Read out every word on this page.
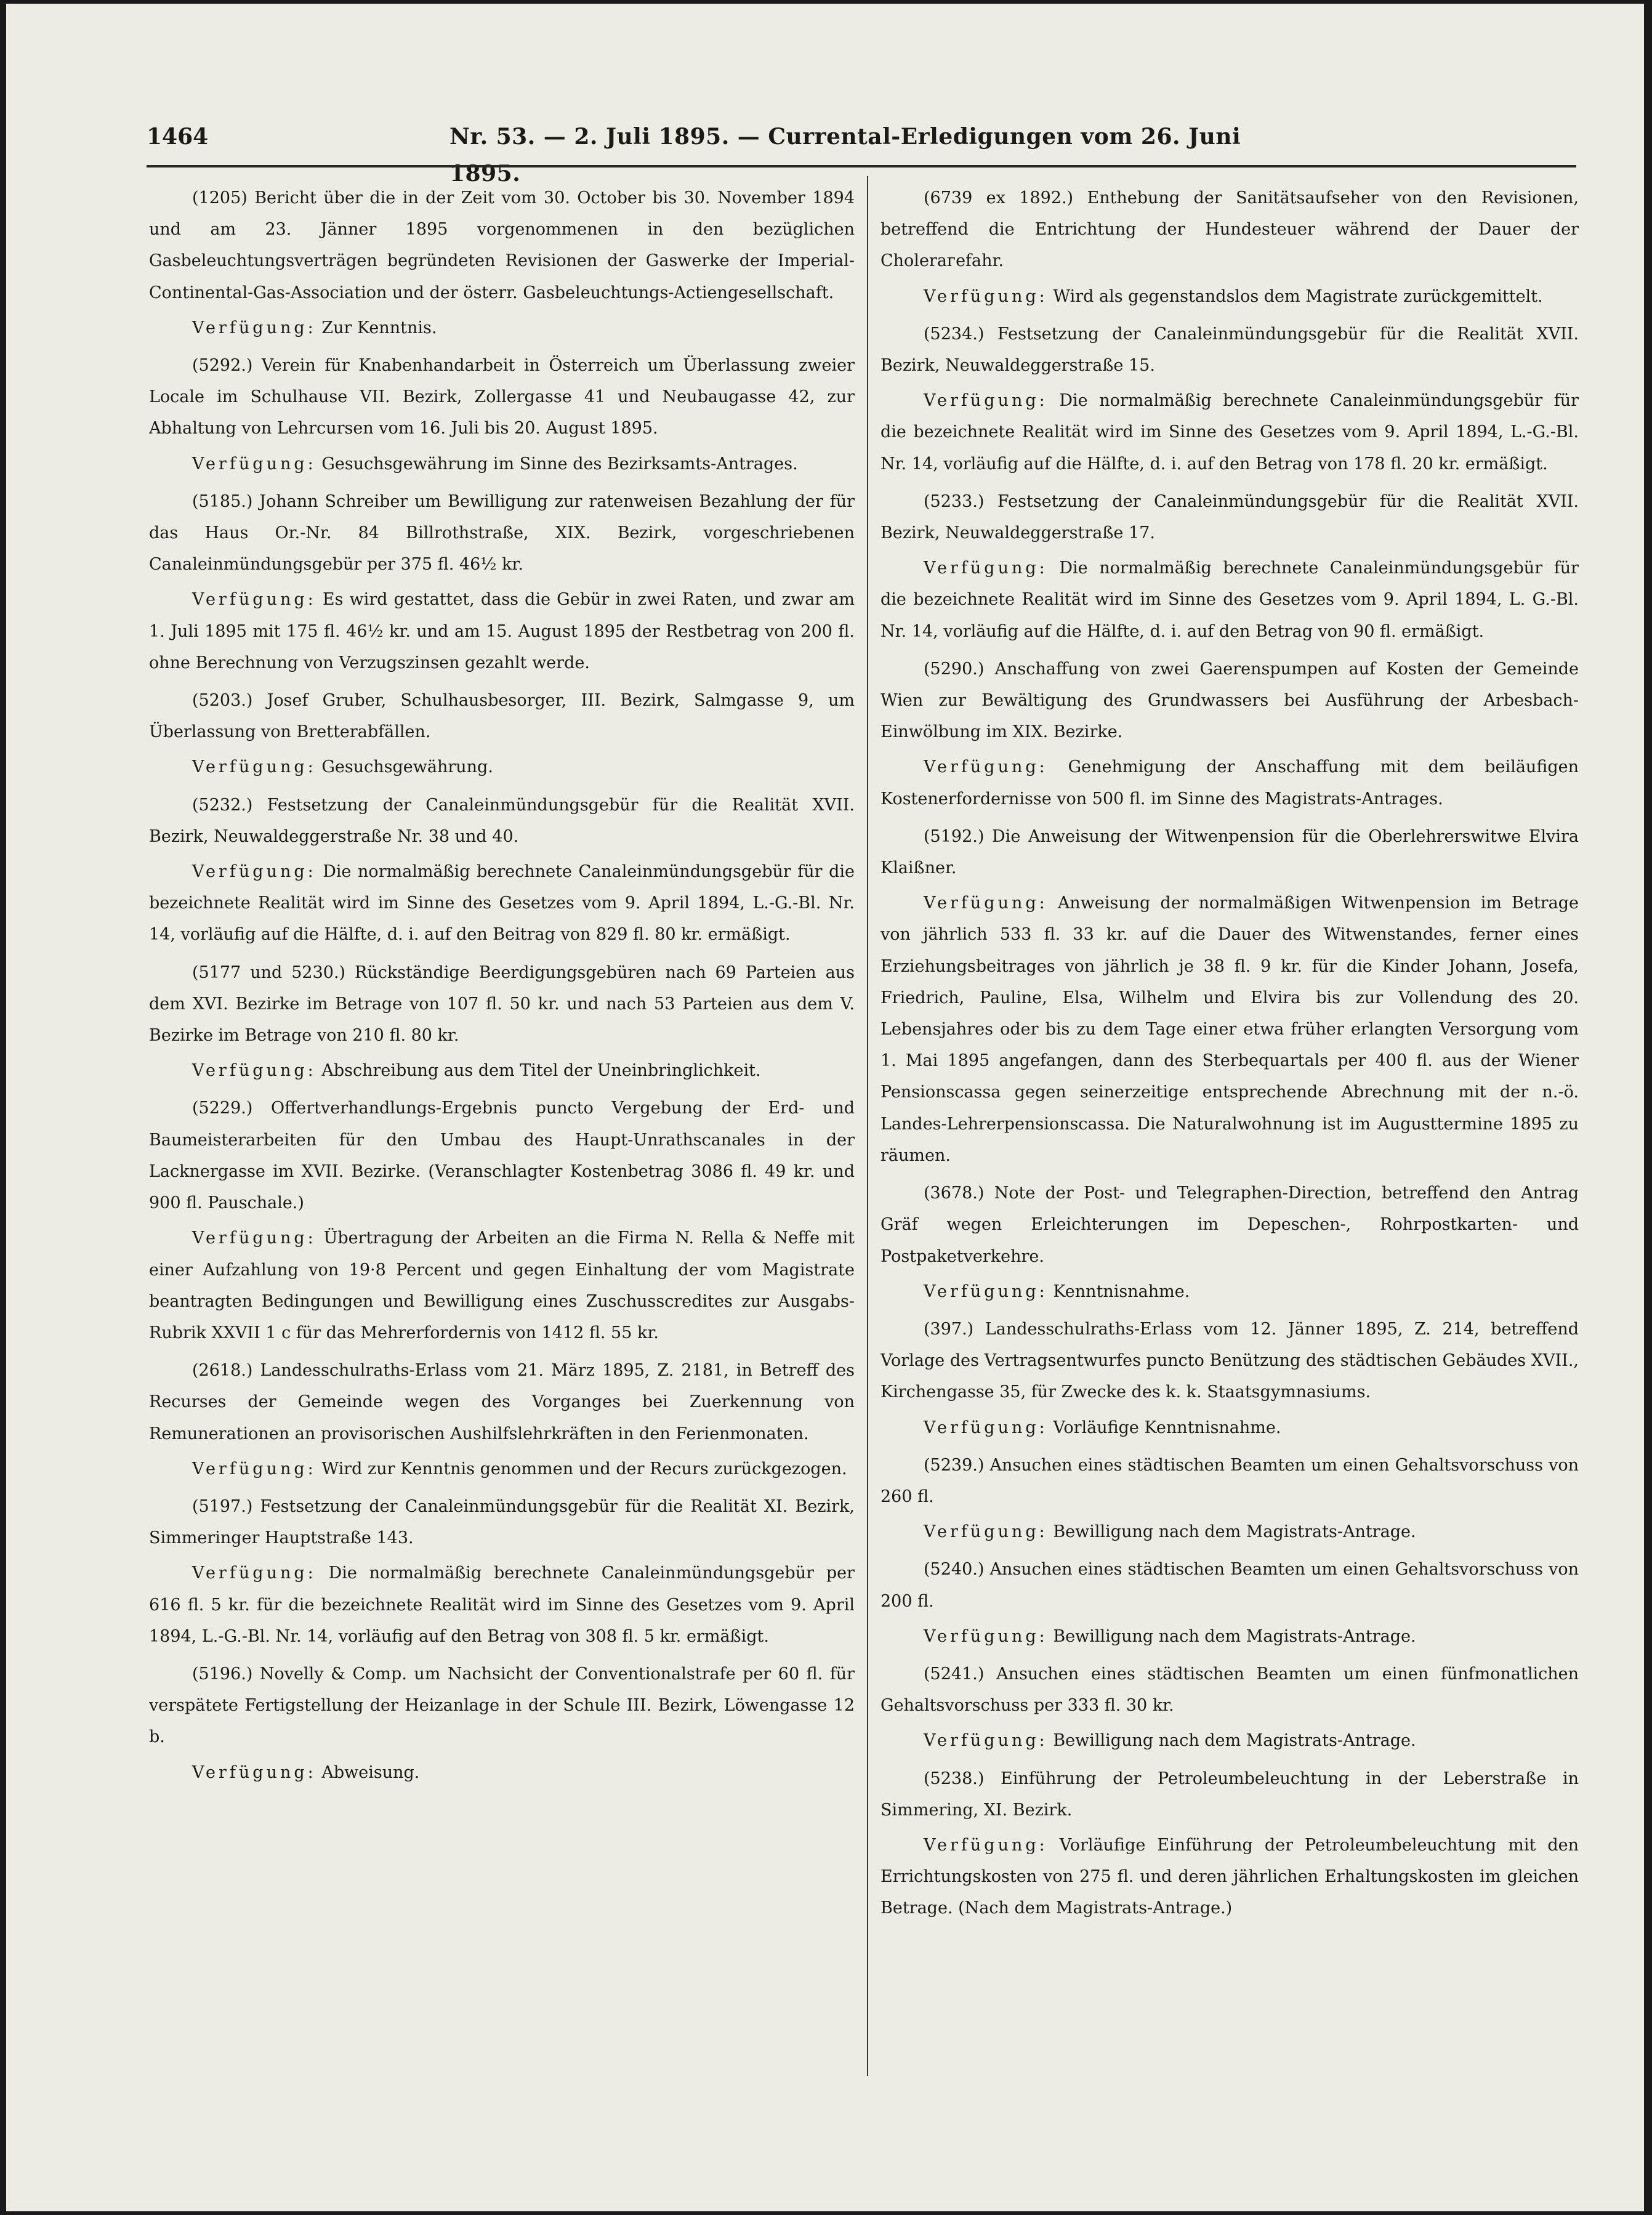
1464	Nr. 53. — 2. Juli 1895. — Currental-Erledigungen vom 26. Juni 1895.

(1205) Bericht über die in der Zeit vom 30. October bis 30. November 1894 und am 23. Jänner 1895 vorgenommenen in den bezüglichen Gasbeleuchtungsverträgen begründeten Revisionen der Gaswerke der Imperial-Continental-Gas-Association und der österr. Gasbeleuchtungs-Actiengesellschaft.

Verfügung: Zur Kenntnis.

(5292.) Verein für Knabenhandarbeit in Österreich um Überlassung zweier Locale im Schulhause VII. Bezirk, Zollergasse 41 und Neubaugasse 42, zur Abhaltung von Lehrcursen vom 16. Juli bis 20. August 1895.

Verfügung: Gesuchsgewährung im Sinne des Bezirksamts-Antrages.

(5185.) Johann Schreiber um Bewilligung zur ratenweisen Bezahlung der für das Haus Or.-Nr. 84 Billrothstraße, XIX. Bezirk, vorgeschriebenen Canaleinmündungsgebür per 375 fl. 46½ kr.

Verfügung: Es wird gestattet, dass die Gebür in zwei Raten, und zwar am 1. Juli 1895 mit 175 fl. 46½ kr. und am 15. August 1895 der Restbetrag von 200 fl. ohne Berechnung von Verzugszinsen gezahlt werde.

(5203.) Josef Gruber, Schulhausbesorger, III. Bezirk, Salmgasse 9, um Überlassung von Bretterabfällen.

Verfügung: Gesuchsgewährung.

(5232.) Festsetzung der Canaleinmündungsgebür für die Realität XVII. Bezirk, Neuwaldeggerstraße Nr. 38 und 40.

Verfügung: Die normalmäßig berechnete Canaleinmündungsgebür für die bezeichnete Realität wird im Sinne des Gesetzes vom 9. April 1894, L.-G.-Bl. Nr. 14, vorläufig auf die Hälfte, d. i. auf den Beitrag von 829 fl. 80 kr. ermäßigt.

(5177 und 5230.) Rückständige Beerdigungsgebüren nach 69 Parteien aus dem XVI. Bezirke im Betrage von 107 fl. 50 kr. und nach 53 Parteien aus dem V. Bezirke im Betrage von 210 fl. 80 kr.

Verfügung: Abschreibung aus dem Titel der Uneinbringlichkeit.

(5229.) Offertverhandlungs-Ergebnis puncto Vergebung der Erd- und Baumeisterarbeiten für den Umbau des Haupt-Unrathscanales in der Lacknergasse im XVII. Bezirke. (Veranschlagter Kostenbetrag 3086 fl. 49 kr. und 900 fl. Pauschale.)

Verfügung: Übertragung der Arbeiten an die Firma N. Rella & Neffe mit einer Aufzahlung von 19·8 Percent und gegen Einhaltung der vom Magistrate beantragten Bedingungen und Bewilligung eines Zuschusscredites zur Ausgabs-Rubrik XXVII 1 c für das Mehrerfordernis von 1412 fl. 55 kr.

(2618.) Landesschulraths-Erlass vom 21. März 1895, Z. 2181, in Betreff des Recurses der Gemeinde wegen des Vorganges bei Zuerkennung von Remunerationen an provisorischen Aushilfslehrkräften in den Ferienmonaten.

Verfügung: Wird zur Kenntnis genommen und der Recurs zurückgezogen.

(5197.) Festsetzung der Canaleinmündungsgebür für die Realität XI. Bezirk, Simmeringer Hauptstraße 143.

Verfügung: Die normalmäßig berechnete Canaleinmündungsgebür per 616 fl. 5 kr. für die bezeichnete Realität wird im Sinne des Gesetzes vom 9. April 1894, L.-G.-Bl. Nr. 14, vorläufig auf den Betrag von 308 fl. 5 kr. ermäßigt.

(5196.) Novelly & Comp. um Nachsicht der Conventionalstrafe per 60 fl. für verspätete Fertigstellung der Heizanlage in der Schule III. Bezirk, Löwengasse 12 b.

Verfügung: Abweisung.

(6739 ex 1892.) Enthebung der Sanitätsaufseher von den Revisionen, betreffend die Entrichtung der Hundesteuer während der Dauer der Cholerагefahr.

Verfügung: Wird als gegenstandslos dem Magistrate zurückgemittelt.

(5234.) Festsetzung der Canaleinmündungsgebür für die Realität XVII. Bezirk, Neuwaldeggerstraße 15.

Verfügung: Die normalmäßig berechnete Canaleinmündungsgebür für die bezeichnete Realität wird im Sinne des Gesetzes vom 9. April 1894, L.-G.-Bl. Nr. 14, vorläufig auf die Hälfte, d. i. auf den Betrag von 178 fl. 20 kr. ermäßigt.

(5233.) Festsetzung der Canaleinmündungsgebür für die Realität XVII. Bezirk, Neuwaldeggerstraße 17.

Verfügung: Die normalmäßig berechnete Canaleinmündungsgebür für die bezeichnete Realität wird im Sinne des Gesetzes vom 9. April 1894, L. G.-Bl. Nr. 14, vorläufig auf die Hälfte, d. i. auf den Betrag von 90 fl. ermäßigt.

(5290.) Anschaffung von zwei Gaerenspumpen auf Kosten der Gemeinde Wien zur Bewältigung des Grundwassers bei Ausführung der Arbesbach-Einwölbung im XIX. Bezirke.

Verfügung: Genehmigung der Anschaffung mit dem beiläufigen Kostenerfordernisse von 500 fl. im Sinne des Magistrats-Antrages.

(5192.) Die Anweisung der Witwenpension für die Oberlehrerswitwe Elvira Klaißner.

Verfügung: Anweisung der normalmäßigen Witwenpension im Betrage von jährlich 533 fl. 33 kr. auf die Dauer des Witwenstandes, ferner eines Erziehungsbeitrages von jährlich je 38 fl. 9 kr. für die Kinder Johann, Josefa, Friedrich, Pauline, Elsa, Wilhelm und Elvira bis zur Vollendung des 20. Lebensjahres oder bis zu dem Tage einer etwa früher erlangten Versorgung vom 1. Mai 1895 angefangen, dann des Sterbequartals per 400 fl. aus der Wiener Pensionscassa gegen seinerzeitige entsprechende Abrechnung mit der n.-ö. Landes-Lehrerpensionscassa. Die Naturalwohnung ist im Augusttermine 1895 zu räumen.

(3678.) Note der Post- und Telegraphen-Direction, betreffend den Antrag Gräf wegen Erleichterungen im Depeschen-, Rohrpostkarten- und Postpaketverkehre.

Verfügung: Kenntnisnahme.

(397.) Landesschulraths-Erlass vom 12. Jänner 1895, Z. 214, betreffend Vorlage des Vertragsentwurfes puncto Benützung des städtischen Gebäudes XVII., Kirchengasse 35, für Zwecke des k. k. Staatsgymnasiums.

Verfügung: Vorläufige Kenntnisnahme.

(5239.) Ansuchen eines städtischen Beamten um einen Gehaltsvorschuss von 260 fl.

Verfügung: Bewilligung nach dem Magistrats-Antrage.

(5240.) Ansuchen eines städtischen Beamten um einen Gehaltsvorschuss von 200 fl.

Verfügung: Bewilligung nach dem Magistrats-Antrage.

(5241.) Ansuchen eines städtischen Beamten um einen fünfmonatlichen Gehaltsvorschuss per 333 fl. 30 kr.

Verfügung: Bewilligung nach dem Magistrats-Antrage.

(5238.) Einführung der Petroleumbeleuchtung in der Leberstraße in Simmering, XI. Bezirk.

Verfügung: Vorläufige Einführung der Petroleumbeleuchtung mit den Errichtungskosten von 275 fl. und deren jährlichen Erhaltungskosten im gleichen Betrage. (Nach dem Magistrats-Antrage.)
